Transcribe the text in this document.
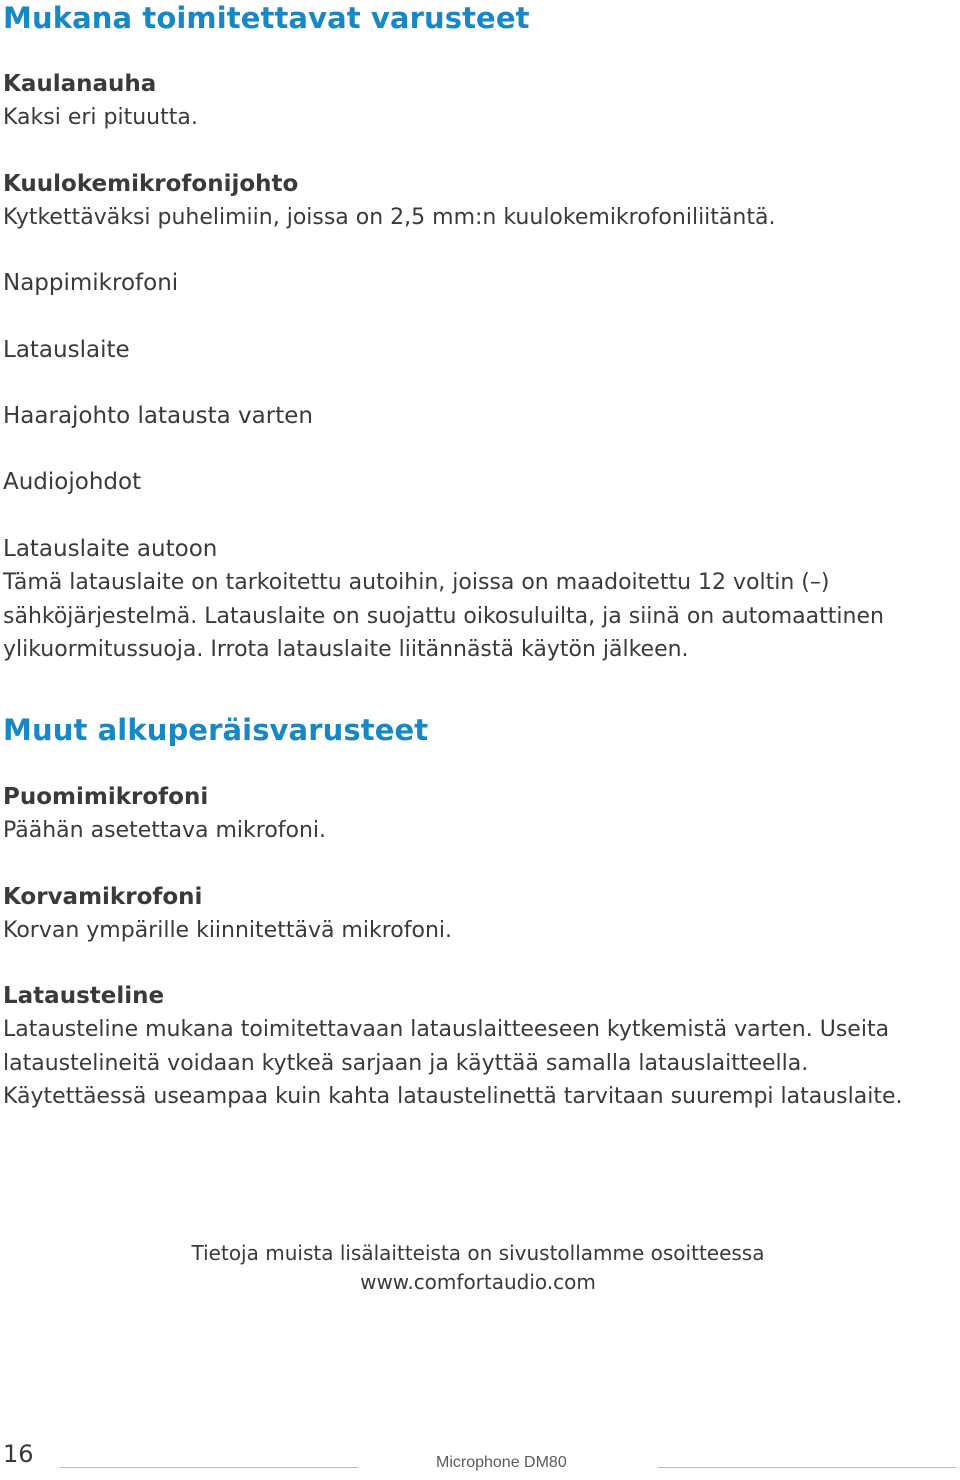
Mukana toimitettavat varusteet

Kaulanauha

Kaksi eri pituutta.

Kuulokemikrofonijohto

Kytkettäväksi puhelimiin, joissa on 2,5 mm:n kuulokemikrofoniliitäntä.

Nappimikrofoni

Latauslaite

Haarajohto latausta varten

Audiojohdot

Latauslaite autoon

Tämä latauslaite on tarkoitettu autoihin, joissa on maadoitettu 12 voltin (–) sähköjärjestelmä. Latauslaite on suojattu oikosuluilta, ja siinä on automaattinen ylikuormitussuoja. Irrota latauslaite liitännästä käytön jälkeen.

Muut alkuperäisvarusteet

Puomimikrofoni

Päähän asetettava mikrofoni.

Korvamikrofoni

Korvan ympärille kiinnitettävä mikrofoni.

Latausteline

Latausteline mukana toimitettavaan latauslaitteeseen kytkemistä varten. Useita lataustelineitä voidaan kytkeä sarjaan ja käyttää samalla latauslaitteella. Käytettäessä useampaa kuin kahta lataustelinettä tarvitaan suurempi latauslaite.

Tietoja muista lisälaitteista on sivustollamme osoitteessa
www.comfortaudio.com
16	Microphone DM80
